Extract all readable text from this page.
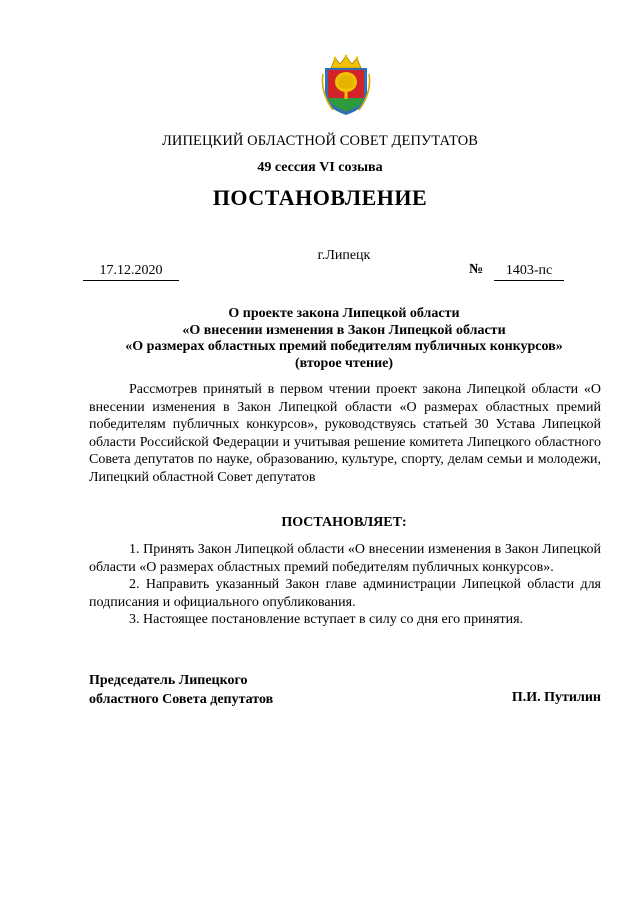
ЛИПЕЦКИЙ ОБЛАСТНОЙ СОВЕТ ДЕПУТАТОВ
49 сессия VI созыва
ПОСТАНОВЛЕНИЕ
г.Липецк
17.12.2020	№	1403-пс
О проекте закона Липецкой области
«О внесении изменения в Закон Липецкой области
«О размерах областных премий победителям публичных конкурсов»
(второе чтение)
Рассмотрев принятый в первом чтении проект закона Липецкой области «О внесении изменения в Закон Липецкой области «О размерах областных премий победителям публичных конкурсов», руководствуясь статьей 30 Устава Липецкой области Российской Федерации и учитывая решение комитета Липецкого областного Совета депутатов по науке, образованию, культуре, спорту, делам семьи и молодежи, Липецкий областной Совет депутатов
ПОСТАНОВЛЯЕТ:

1. Принять Закон Липецкой области «О внесении изменения в Закон Липецкой области «О размерах областных премий победителям публичных конкурсов».

2. Направить указанный Закон главе администрации Липецкой области для подписания и официального опубликования.

3. Настоящее постановление вступает в силу со дня его принятия.

Председатель Липецкого
областного Совета депутатов	П.И. Путилин
